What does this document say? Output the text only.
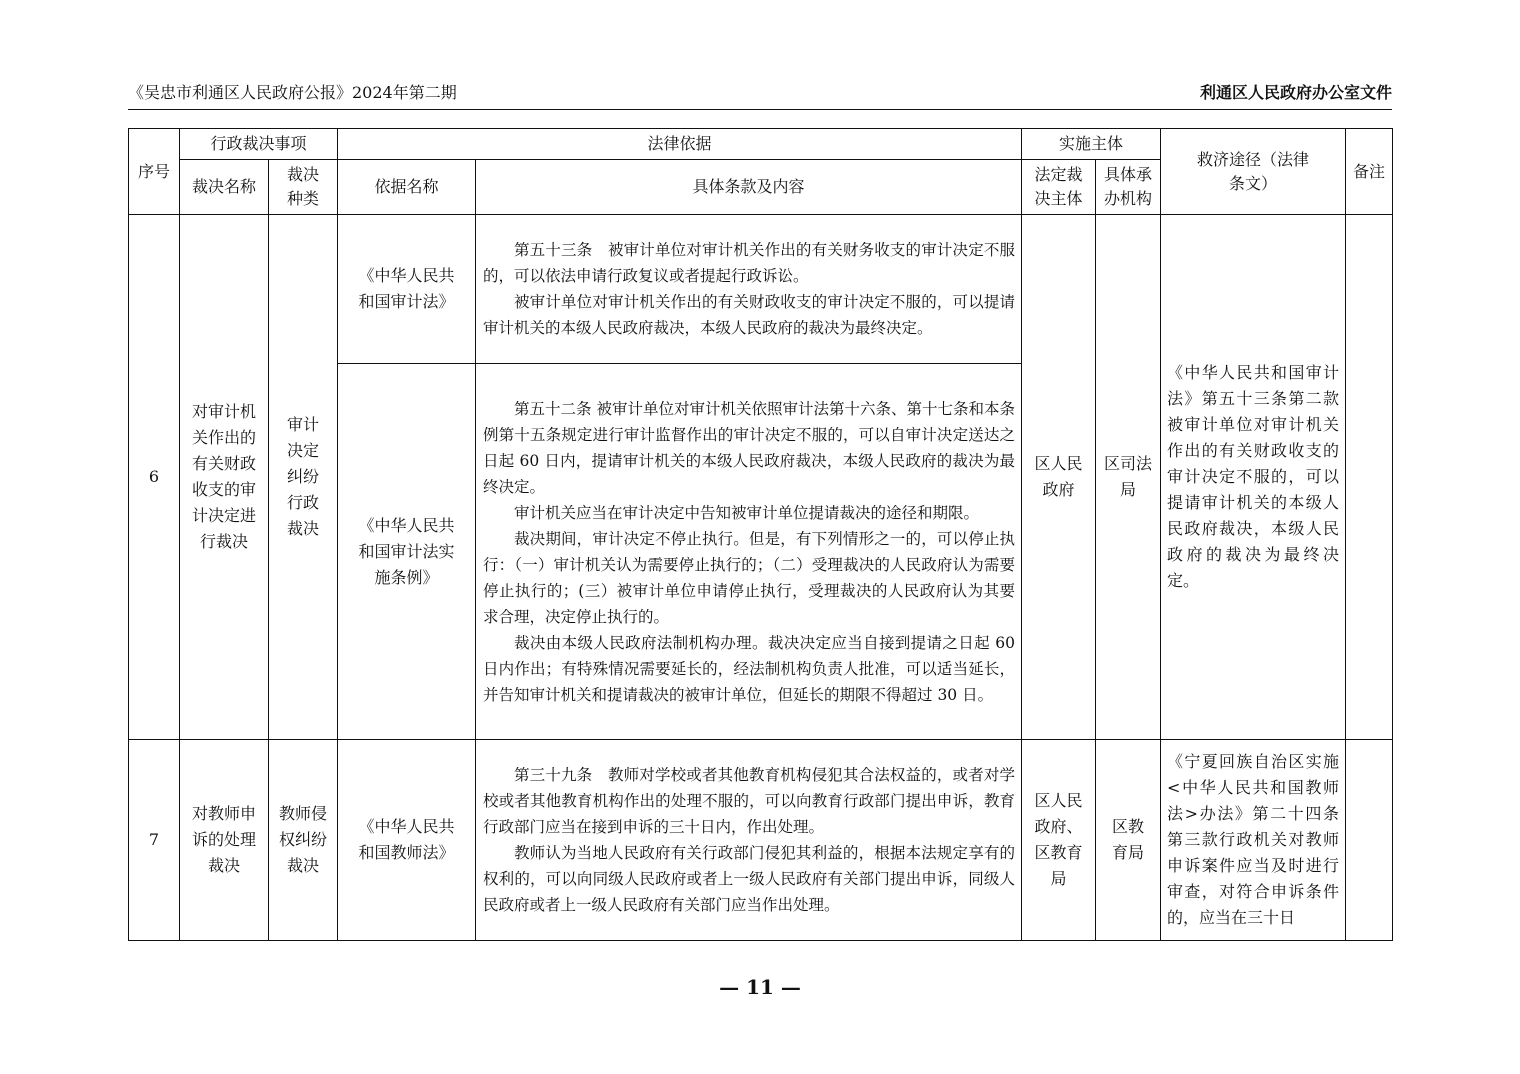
《吴忠市利通区人民政府公报》2024年第二期	利通区人民政府办公室文件
序号	行政裁决事项		法律依据		实施主体		救济途径（法律条文）	备注
	裁决名称	裁决种类	依据名称	具体条款及内容	法定裁决主体	具体承办机构		
6	对审计机关作出的有关财政收支的审计决定进行裁决	审计决定纠纷行政裁决	《中华人民共和国审计法》	第五十三条　被审计单位对审计机关作出的有关财务收支的审计决定不服的，可以依法申请行政复议或者提起行政诉讼。

被审计单位对审计机关作出的有关财政收支的审计决定不服的，可以提请审计机关的本级人民政府裁决，本级人民政府的裁决为最终决定。	区人民政府	区司法局	《中华人民共和国审计法》第五十三条第二款被审计单位对审计机关作出的有关财政收支的审计决定不服的，可以提请审计机关的本级人民政府裁决，本级人民政府的裁决为最终决定。	
			《中华人民共和国审计法实施条例》	第五十二条 被审计单位对审计机关依照审计法第十六条、第十七条和本条例第十五条规定进行审计监督作出的审计决定不服的，可以自审计决定送达之日起 60 日内，提请审计机关的本级人民政府裁决，本级人民政府的裁决为最终决定。

审计机关应当在审计决定中告知被审计单位提请裁决的途径和期限。

裁决期间，审计决定不停止执行。但是，有下列情形之一的，可以停止执行：（一）审计机关认为需要停止执行的；（二）受理裁决的人民政府认为需要停止执行的；(三）被审计单位申请停止执行，受理裁决的人民政府认为其要求合理，决定停止执行的。

裁决由本级人民政府法制机构办理。裁决决定应当自接到提请之日起 60 日内作出；有特殊情况需要延长的，经法制机构负责人批准，可以适当延长，并告知审计机关和提请裁决的被审计单位，但延长的期限不得超过 30 日。				

7	对教师申诉的处理裁决	教师侵权纠纷裁决	《中华人民共和国教师法》	第三十九条　教师对学校或者其他教育机构侵犯其合法权益的，或者对学校或者其他教育机构作出的处理不服的，可以向教育行政部门提出申诉，教育行政部门应当在接到申诉的三十日内，作出处理。

教师认为当地人民政府有关行政部门侵犯其利益的，根据本法规定享有的权利的，可以向同级人民政府或者上一级人民政府有关部门提出申诉，同级人民政府或者上一级人民政府有关部门应当作出处理。	区人民政府、区教育局	区教育局	《宁夏回族自治区实施<中华人民共和国教师法>办法》第二十四条第三款行政机关对教师申诉案件应当及时进行审查，对符合申诉条件的，应当在三十日	
— 11 —
